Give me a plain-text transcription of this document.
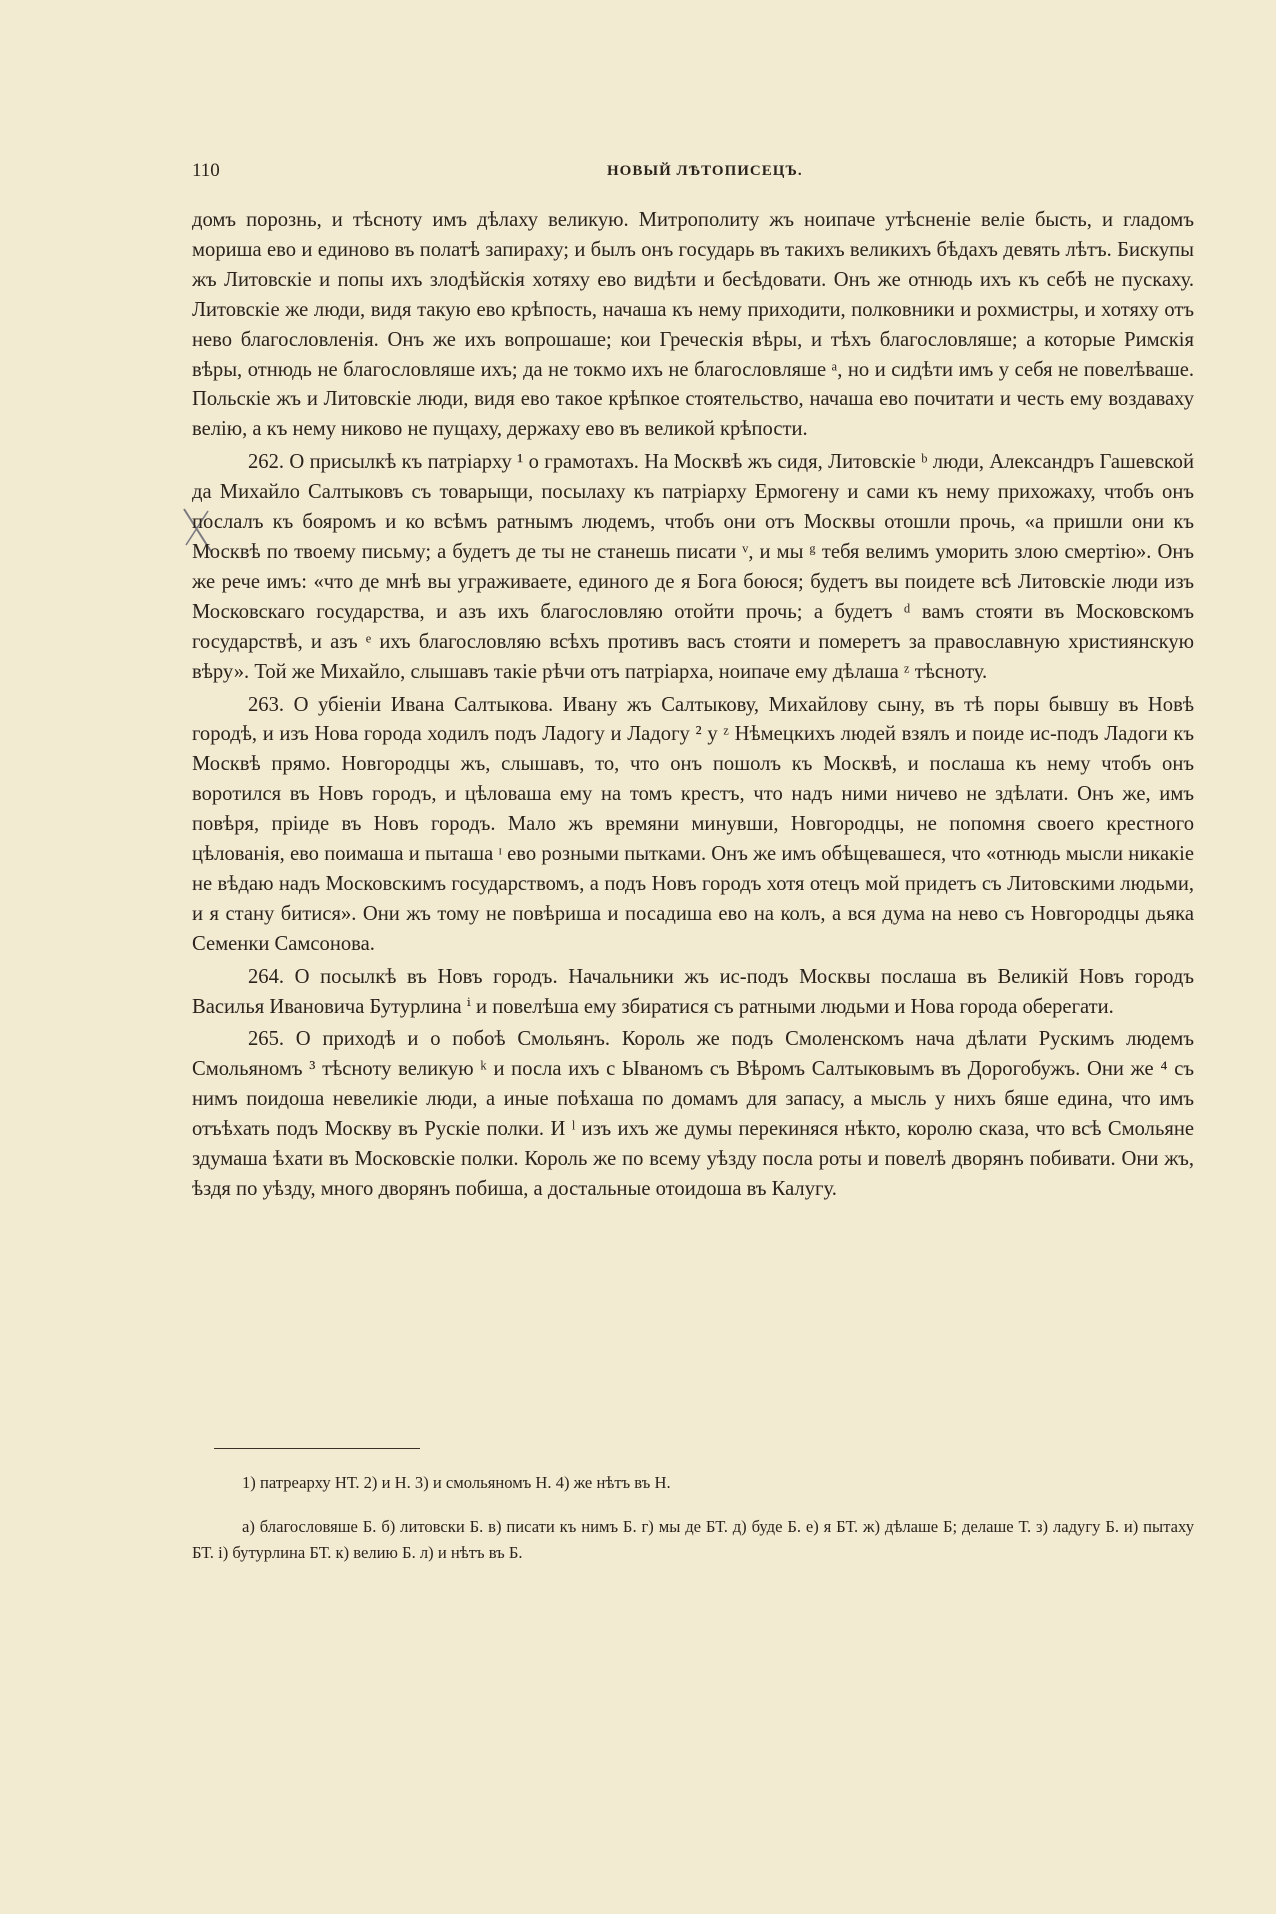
110	НОВЫЙ ЛѢТОПИСЕЦЪ.

домъ порознь, и тѣсноту имъ дѣлаху великую. Митрополиту жъ ноипаче утѣсненіе веліе бысть, и гладомъ мориша ево и единово въ полатѣ запираху; и былъ онъ государь въ такихъ великихъ бѣдахъ девять лѣтъ. Бискупы жъ Литовскіе и попы ихъ злодѣйскія хотяху ево видѣти и бесѣдовати. Онъ же отнюдь ихъ къ себѣ не пускаху. Литовскіе же люди, видя такую ево крѣпость, начаша къ нему приходити, полковники и рохмистры, и хотяху отъ нево благословленія. Онъ же ихъ вопрошаше; кои Греческія вѣры, и тѣхъ благословляше; а которые Римскія вѣры, отнюдь не благословляше ихъ; да не токмо ихъ не благословляше ᵃ, но и сидѣти имъ у себя не повелѣваше. Польскіе жъ и Литовскіе люди, видя ево такое крѣпкое стоятельство, начаша ево почитати и честь ему воздаваху велію, а къ нему никово не пущаху, держаху ево въ великой крѣпости.

262. О присылкѣ къ патріарху ¹ о грамотахъ. На Москвѣ жъ сидя, Литовскіе ᵇ люди, Александръ Гашевской да Михайло Салтыковъ съ товарыщи, посылаху къ патріарху Ермогену и сами къ нему прихожаху, чтобъ онъ послалъ къ бояромъ и ко всѣмъ ратнымъ людемъ, чтобъ они отъ Москвы отошли прочь, «а пришли они къ Москвѣ по твоему письму; а будетъ де ты не станешь писати ᵛ, и мы ᵍ тебя велимъ уморить злою смертію». Онъ же рече имъ: «что де мнѣ вы угрaживаете, единого де я Бога боюся; будетъ вы поидете всѣ Литовскіе люди изъ Московскаго государства, и азъ ихъ благословляю отойти прочь; а будетъ ᵈ вамъ стояти въ Московскомъ государствѣ, и азъ ᵉ ихъ благословляю всѣхъ противъ васъ стояти и померетъ за православную християнскую вѣру». Той же Михайло, слышавъ такіе рѣчи отъ патріарха, ноипаче ему дѣлаша ᶻ тѣсноту.

263. О убіеніи Ивана Салтыкова. Ивану жъ Салтыкову, Михайлову сыну, въ тѣ поры бывшу въ Новѣ городѣ, и изъ Нова города ходилъ подъ Ладогу и Ладогу ² у ᶻ Нѣмецкихъ людей взялъ и поиде ис-подъ Ладоги къ Москвѣ прямо. Новгородцы жъ, слышавъ, то, что онъ пошолъ къ Москвѣ, и послаша къ нему чтобъ онъ воротился въ Новъ городъ, и цѣловаша ему на томъ крестъ, что надъ ними ничево не здѣлати. Онъ же, имъ повѣря, пріиде въ Новъ городъ. Мало жъ времяни минувши, Новгородцы, не попомня своего крестного цѣлованія, ево поимаша и пыташа ᶦ ево розными пытками. Онъ же имъ обѣщевашеся, что «отнюдь мысли никакіе не вѣдаю надъ Московскимъ государствомъ, а подъ Новъ городъ хотя отецъ мой придетъ съ Литовскими людьми, и я стану битися». Они жъ тому не повѣриша и посадиша ево на колъ, а вся дума на нево съ Новгородцы дьяка Семенки Самсонова.

264. О посылкѣ въ Новъ городъ. Начальники жъ ис-подъ Москвы послаша въ Великій Новъ городъ Василья Ивановича Бутурлина ⁱ и повелѣша ему збиратися съ ратными людьми и Нова города оберегати.

265. О приходѣ и о побоѣ Смольянъ. Король же подъ Смоленскомъ нача дѣлати Рускимъ людемъ Смольяномъ ³ тѣсноту великую ᵏ и посла ихъ с Ываномъ съ Вѣромъ Салтыковымъ въ Дорогобужъ. Они же ⁴ съ нимъ поидоша невеликіе люди, а иные поѣхаша по домамъ для запасу, а мысль у нихъ бяше едина, что имъ отъѣхать подъ Москву въ Рускіе полки. И ˡ изъ ихъ же думы перекиняся нѣкто, королю сказа, что всѣ Смольяне здумаша ѣхати въ Московскіе полки. Король же по всему уѣзду посла роты и повелѣ дворянъ побивати. Они жъ, ѣздя по уѣзду, много дворянъ побиша, а достальные отоидоша въ Калугу.

1) патреарху НТ. 2) и Н. 3) и смольяномъ Н. 4) же нѣтъ въ Н.

а) благословяше Б. б) литовски Б. в) писати къ нимъ Б. г) мы де БТ. д) буде Б. е) я БТ. ж) дѣлаше Б; делаше Т. з) ладугу Б. и) пытаху БТ. і) бутурлина БТ. к) велию Б. л) и нѣтъ въ Б.
